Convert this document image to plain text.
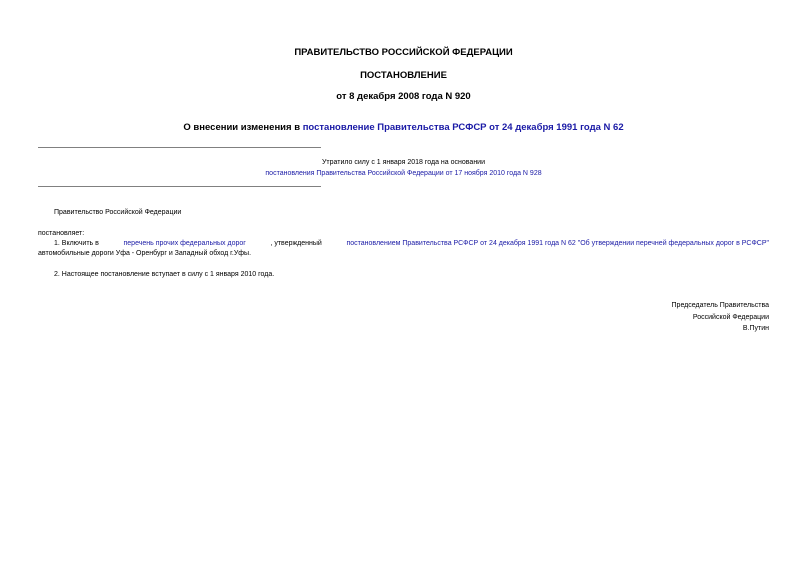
ПРАВИТЕЛЬСТВО РОССИЙСКОЙ ФЕДЕРАЦИИ
ПОСТАНОВЛЕНИЕ
от 8 декабря 2008 года N 920
О внесении изменения в постановление Правительства РСФСР от 24 декабря 1991 года N 62
Утратило силу с 1 января 2018 года на основании
постановления Правительства Российской Федерации от 17 ноября 2010 года N 928
Правительство Российской Федерации
постановляет:
1. Включить в	перечень прочих федеральных дорог	, утвержденный	постановлением Правительства РСФСР от 24 декабря 1991 года N 62 "Об утверждении перечней федеральных дорог в РСФСР"
автомобильные дороги Уфа - Оренбург и Западный обход г.Уфы.
2. Настоящее постановление вступает в силу с 1 января 2010 года.
Председатель Правительства
Российской Федерации
В.Путин
